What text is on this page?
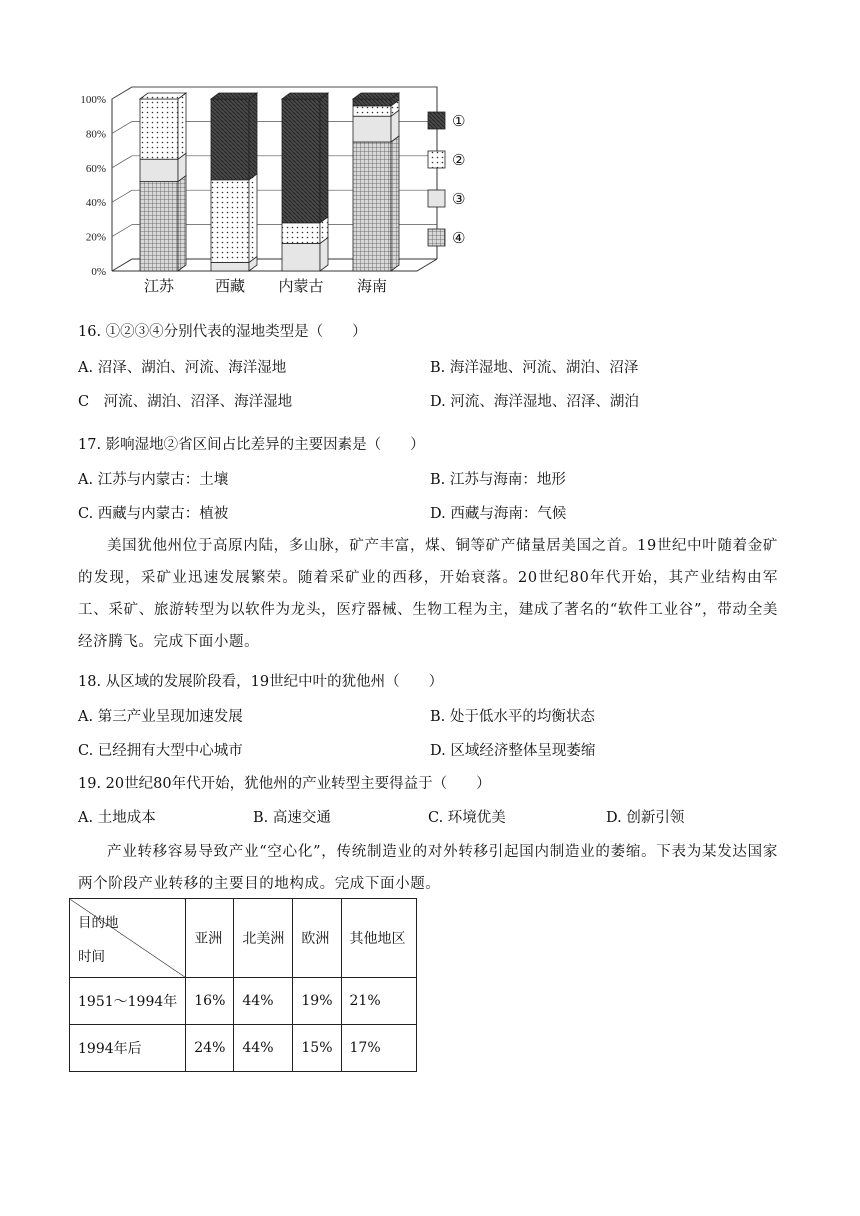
0%
20%
40%
60%
80%
100%
江苏	西藏 内蒙古 海南
①
②
③
④
16. ①②③④分别代表的湿地类型是（　　）
A. 沼泽、湖泊、河流、海洋湿地	B. 海洋湿地、河流、湖泊、沼泽
C　河流、湖泊、沼泽、海洋湿地	D. 河流、海洋湿地、沼泽、湖泊
17. 影响湿地②省区间占比差异的主要因素是（　　）
A. 江苏与内蒙古：土壤	B. 江苏与海南：地形
C. 西藏与内蒙古：植被	D. 西藏与海南：气候
美国犹他州位于高原内陆，多山脉，矿产丰富，煤、铜等矿产储量居美国之首。19世纪中叶随着金矿的发现，采矿业迅速发展繁荣。随着采矿业的西移，开始衰落。20世纪80年代开始，其产业结构由军工、采矿、旅游转型为以软件为龙头，医疗器械、生物工程为主，建成了著名的“软件工业谷”，带动全美经济腾飞。完成下面小题。
18. 从区域的发展阶段看，19世纪中叶的犹他州（　　）
A. 第三产业呈现加速发展	B. 处于低水平的均衡状态
C. 已经拥有大型中心城市	D. 区域经济整体呈现萎缩
19. 20世纪80年代开始，犹他州的产业转型主要得益于（　　）
A. 土地成本	B. 高速交通	C. 环境优美	D. 创新引领
产业转移容易导致产业“空心化”，传统制造业的对外转移引起国内制造业的萎缩。下表为某发达国家两个阶段产业转移的主要目的地构成。完成下面小题。
目的地
时间	亚洲	北美洲	欧洲	其他地区
1951～1994年	16%	44%	19%	21%
1994年后	24%	44%	15%	17%
